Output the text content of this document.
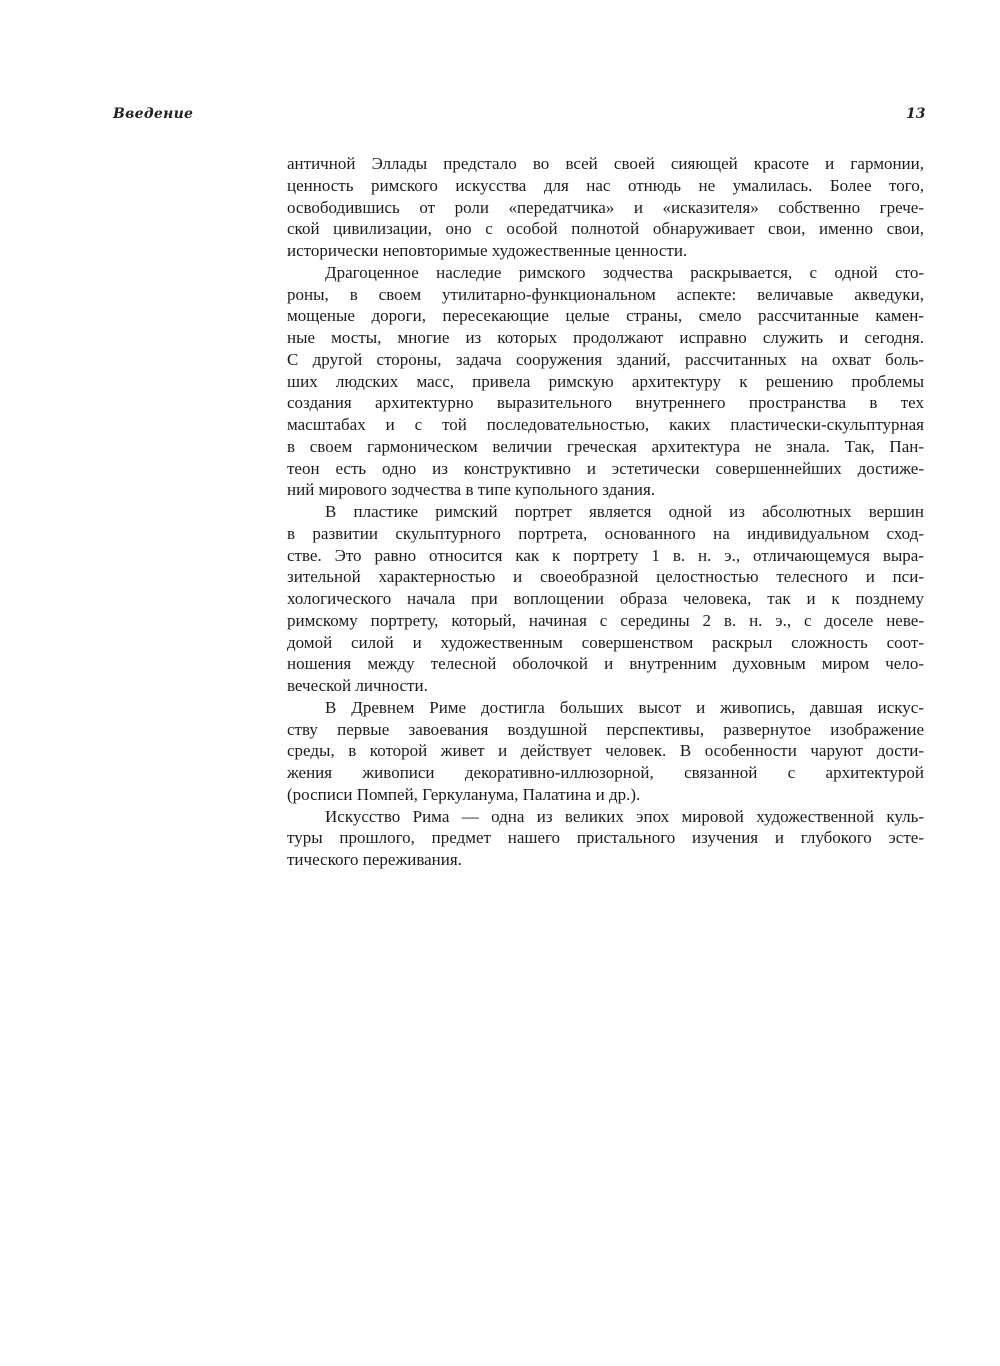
Введение	13
античной Эллады предстало во всей своей сияющей красоте и гармонии,
ценность римского искусства для нас отнюдь не умалилась. Более того,
освободившись от роли «передатчика» и «исказителя» собственно грече-
ской цивилизации, оно с особой полнотой обнаруживает свои, именно свои,
исторически неповторимые художественные ценности.
Драгоценное наследие римского зодчества раскрывается, с одной сто-
роны, в своем утилитарно-функциональном аспекте: величавые акведуки,
мощеные дороги, пересекающие целые страны, смело рассчитанные камен-
ные мосты, многие из которых продолжают исправно служить и сегодня.
С другой стороны, задача сооружения зданий, рассчитанных на охват боль-
ших людских масс, привела римскую архитектуру к решению проблемы
создания архитектурно выразительного внутреннего пространства в тех
масштабах и с той последовательностью, каких пластически-скульптурная
в своем гармоническом величии греческая архитектура не знала. Так, Пан-
теон есть одно из конструктивно и эстетически совершеннейших достиже-
ний мирового зодчества в типе купольного здания.
В пластике римский портрет является одной из абсолютных вершин
в развитии скульптурного портрета, основанного на индивидуальном сход-
стве. Это равно относится как к портрету 1 в. н. э., отличающемуся выра-
зительной характерностью и своеобразной целостностью телесного и пси-
хологического начала при воплощении образа человека, так и к позднему
римскому портрету, который, начиная с середины 2 в. н. э., с доселе неве-
домой силой и художественным совершенством раскрыл сложность соот-
ношения между телесной оболочкой и внутренним духовным миром чело-
веческой личности.
В Древнем Риме достигла больших высот и живопись, давшая искус-
ству первые завоевания воздушной перспективы, развернутое изображение
среды, в которой живет и действует человек. В особенности чаруют дости-
жения живописи декоративно-иллюзорной, связанной с архитектурой
(росписи Помпей, Геркуланума, Палатина и др.).
Искусство Рима — одна из великих эпох мировой художественной куль-
туры прошлого, предмет нашего пристального изучения и глубокого эсте-
тического переживания.
